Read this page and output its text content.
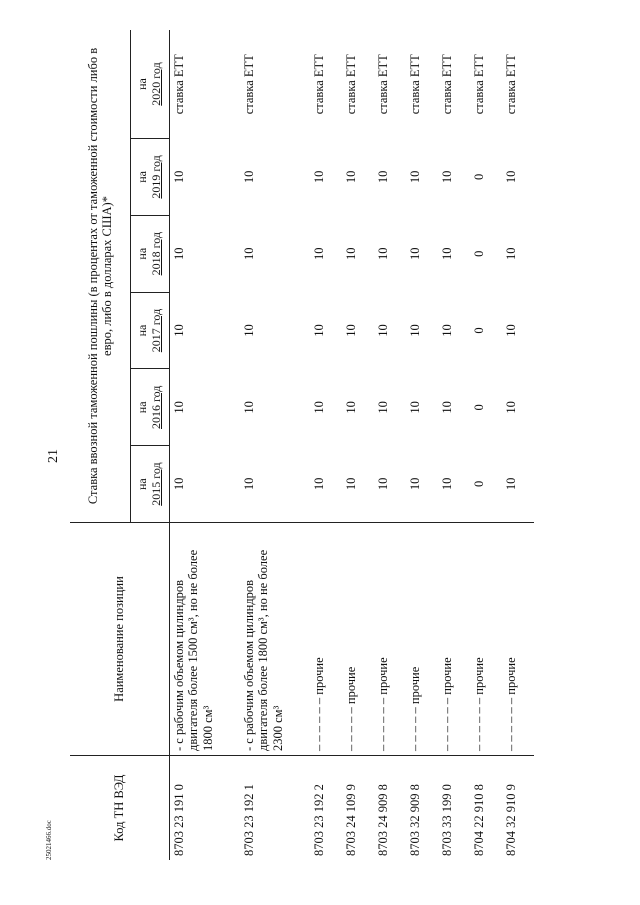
21
25021466.doc	Код ТН ВЭД	Наименование позиции	Ставка ввозной таможенной пошлины (в процентах от таможенной стоимости либо в евро, либо в долларах США)*					
		на 2015 год	на 2016 год	на 2017 год	на 2018 год	на 2019 год	на 2020 год

8703 23 191 0	- с рабочим объемом цилиндров двигателя более 1500 см³, но не более 1800 см³	10	10	10	10	10	ставка ЕТТ
8703 23 192 1	- с рабочим объемом цилиндров двигателя более 1800 см³, но не более 2300 см³	10	10	10	10	10	ставка ЕТТ
8703 23 192 2	– – – – – – прочие	10	10	10	10	10	ставка ЕТТ
8703 24 109 9	– – – – – прочие	10	10	10	10	10	ставка ЕТТ
8703 24 909 8	– – – – – – прочие	10	10	10	10	10	ставка ЕТТ
8703 32 909 8	– – – – – прочие	10	10	10	10	10	ставка ЕТТ
8703 33 199 0	– – – – – – прочие	10	10	10	10	10	ставка ЕТТ
8704 22 910 8	– – – – – – прочие	0	0	0	0	0	ставка ЕТТ
8704 32 910 9	– – – – – – прочие	10	10	10	10	10	ставка ЕТТ
